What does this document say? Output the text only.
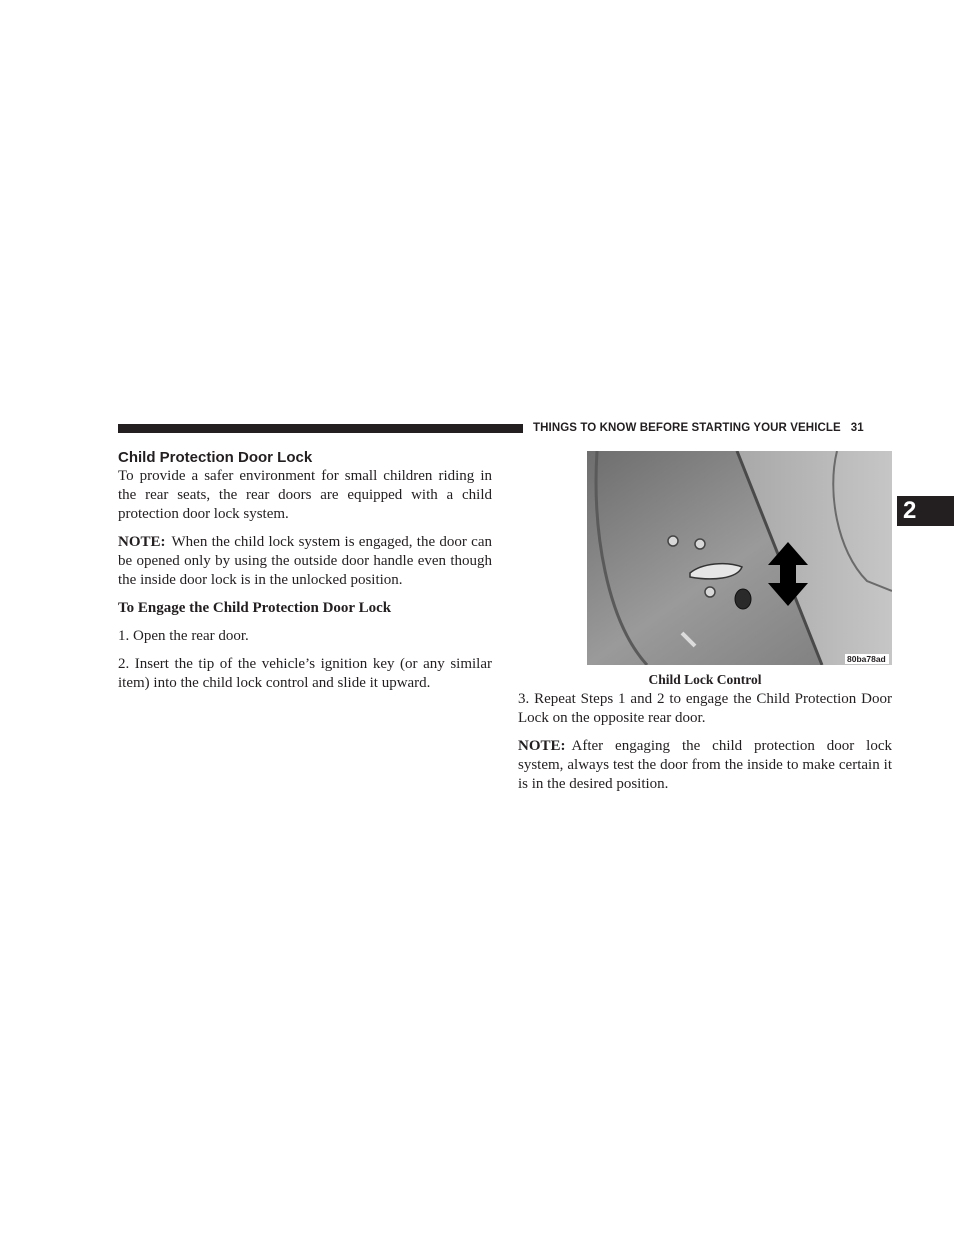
THINGS TO KNOW BEFORE STARTING YOUR VEHICLE 31
2
Child Protection Door Lock

To provide a safer environment for small children riding in the rear seats, the rear doors are equipped with a child protection door lock system.

NOTE: When the child lock system is engaged, the door can be opened only by using the outside door handle even though the inside door lock is in the unlocked position.

To Engage the Child Protection Door Lock

1. Open the rear door.

2. Insert the tip of the vehicle’s ignition key (or any similar item) into the child lock control and slide it upward.

80ba78ad
Child Lock Control

3. Repeat Steps 1 and 2 to engage the Child Protection Door Lock on the opposite rear door.

NOTE: After engaging the child protection door lock system, always test the door from the inside to make certain it is in the desired position.
